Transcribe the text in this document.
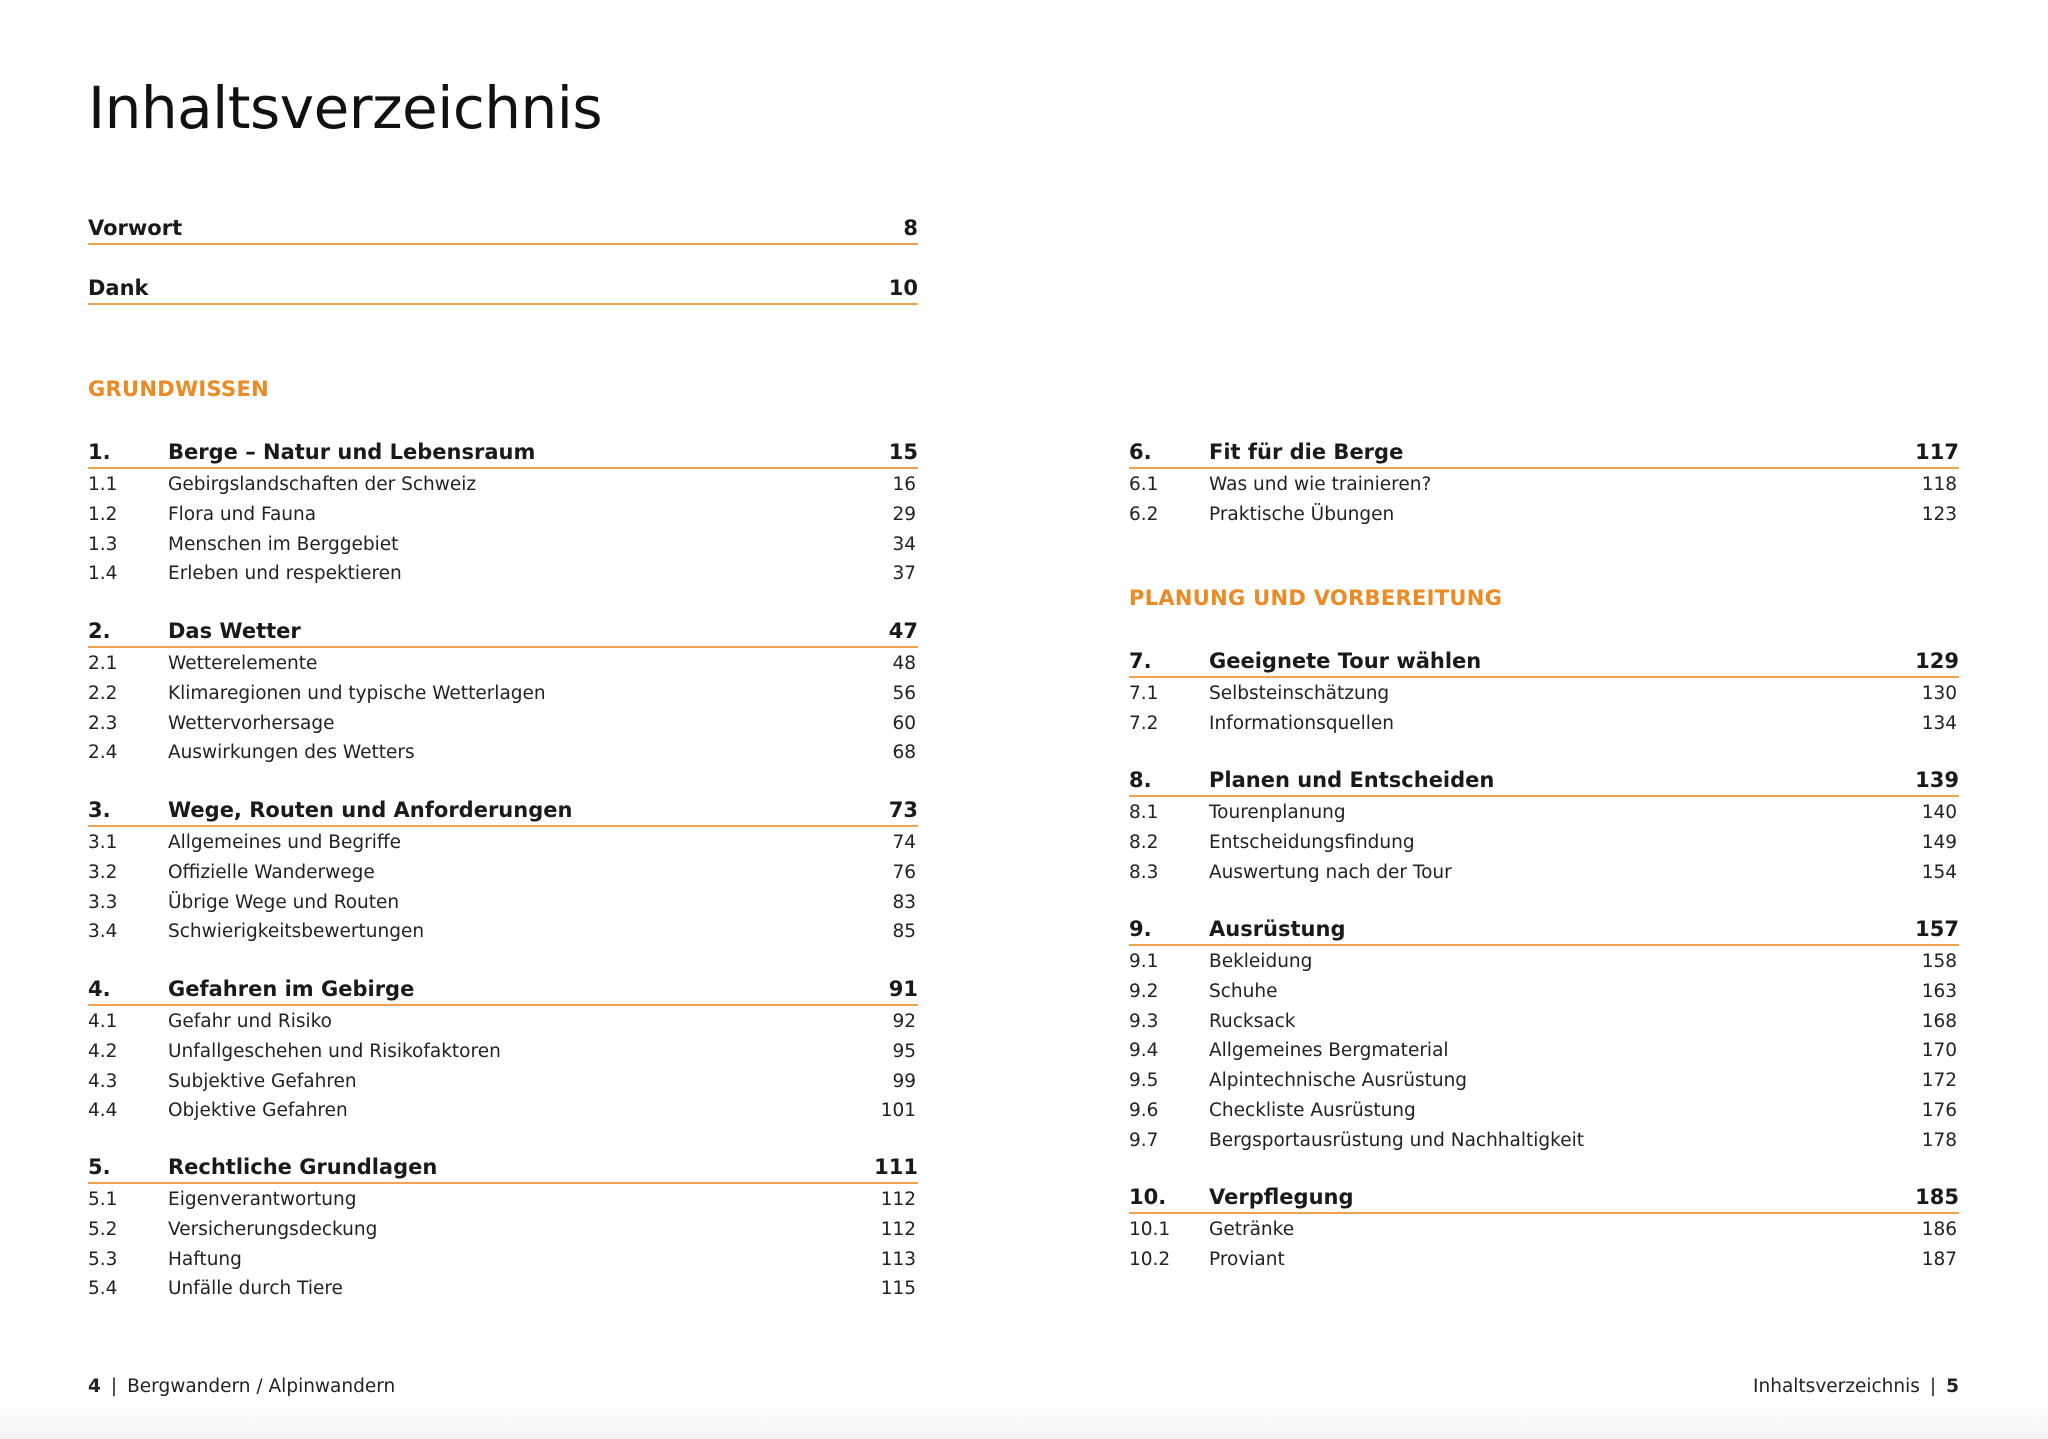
Inhaltsverzeichnis
Vorwort	8
Dank	10
GRUNDWISSEN
1.	Berge – Natur und Lebensraum	15
1.1	Gebirgslandschaften der Schweiz	16
1.2	Flora und Fauna	29
1.3	Menschen im Berggebiet	34
1.4	Erleben und respektieren	37
2.	Das Wetter	47
2.1	Wetterelemente	48
2.2	Klimaregionen und typische Wetterlagen	56
2.3	Wettervorhersage	60
2.4	Auswirkungen des Wetters	68
3.	Wege, Routen und Anforderungen	73
3.1	Allgemeines und Begriffe	74
3.2	Offizielle Wanderwege	76
3.3	Übrige Wege und Routen	83
3.4	Schwierigkeitsbewertungen	85
4.	Gefahren im Gebirge	91
4.1	Gefahr und Risiko	92
4.2	Unfallgeschehen und Risikofaktoren	95
4.3	Subjektive Gefahren	99
4.4	Objektive Gefahren	101
5.	Rechtliche Grundlagen	111
5.1	Eigenverantwortung	112
5.2	Versicherungsdeckung	112
5.3	Haftung	113
5.4	Unfälle durch Tiere	115
6.	Fit für die Berge	117
6.1	Was und wie trainieren?	118
6.2	Praktische Übungen	123
PLANUNG UND VORBEREITUNG
7.	Geeignete Tour wählen	129
7.1	Selbsteinschätzung	130
7.2	Informationsquellen	134
8.	Planen und Entscheiden	139
8.1	Tourenplanung	140
8.2	Entscheidungsfindung	149
8.3	Auswertung nach der Tour	154
9.	Ausrüstung	157
9.1	Bekleidung	158
9.2	Schuhe	163
9.3	Rucksack	168
9.4	Allgemeines Bergmaterial	170
9.5	Alpintechnische Ausrüstung	172
9.6	Checkliste Ausrüstung	176
9.7	Bergsportausrüstung und Nachhaltigkeit	178
10. Verpflegung	185
10.1 Getränke	186
10.2 Proviant	187
4 | Bergwandern / Alpinwandern	Inhaltsverzeichnis | 5
